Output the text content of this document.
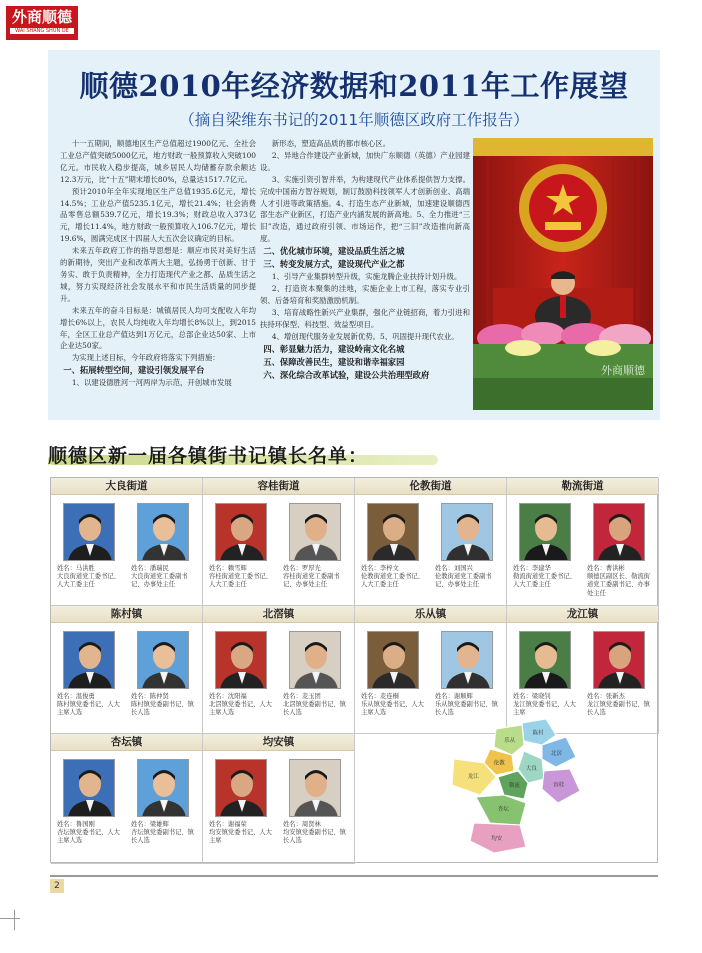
外商顺德
WAI SHANG SHUN DE
顺德2010年经济数据和2011年工作展望
（摘自梁维东书记的2011年顺德区政府工作报告）

十一五期间，顺德地区生产总值超过1900亿元、全社会工业总产值突破5000亿元，地方财政一般预算收入突破100亿元。市民收入稳步提高，城乡居民人均储蓄存款余额达12.3万元，比“十五”期末增长80%，总量达1517.7亿元。

预计2010年全年实现地区生产总值1935.6亿元，增长14.5%；工业总产值5235.1亿元，增长21.4%；社会消费品零售总额539.7亿元，增长19.3%；财政总收入373亿元，增长11.4%，地方财政一般预算收入106.7亿元，增长19.6%，圆满完成区十四届人大五次会议确定的目标。

未来五年政府工作的指导思想是：顺应市民对美好生活的新期待，突出产业和改革两大主题，弘扬勇于创新、甘于务实、敢于负责精神，全力打造现代产业之都、品质生活之城，努力实现经济社会发展水平和市民生活质量的同步提升。

未来五年的奋斗目标是：城镇居民人均可支配收入年均增长6%以上，农民人均纯收入年均增长8%以上，到2015年，全区工业总产值达到1万亿元，总部企业达50家、上市企业达50家。

为实现上述目标，今年政府将落实下列措施：

一、拓展转型空间，建设引领发展平台

1、以建设德胜河一河两岸为示范，开创城市发展

新形态，塑造高品质的都市核心区。

2、异地合作建设产业新城，加快广东顺德（英德）产业园建设。

3、实施引资引智并举，为构建现代产业体系提供智力支撑。完成中国南方智谷规划，制订鼓励科技领军人才创新创业、高端人才引进等政策措施。4、打造生态产业新城，加速建设顺德西部生态产业新区，打造产业内涵发展的新高地。5、全力推进“三旧”改造，通过政府引领、市场运作，把“三旧”改造推向新高度。

二、优化城市环境，建设品质生活之城

三、转变发展方式，建设现代产业之都

1、引导产业集群转型升级，实施龙腾企业扶持计划升级。

2、打造资本聚集的洼地，实施企业上市工程，落实专业引领、后备培育和奖励激励机制。

3、培育战略性新兴产业集群，强化产业链招商，着力引进和扶持环保型、科技型、效益型项目。

4、增创现代服务业发展新优势。5、巩固提升现代农业。

四、彰显魅力活力，建设岭南文化名城

五、保障改善民生，建设和谐幸福家园

六、深化综合改革试验，建设公共治理型政府	外商顺德
顺德区新一届各镇街书记镇长名单：
均安镇
姓名：谢福荣
均安镇党委书记、人大主席
姓名：周贤林
均安镇党委副书记、镇长人选
杏坛镇
姓名：鲁国刚
杏坛镇党委书记、人大主席人选
姓名：梁雄辉
杏坛镇党委副书记、镇长人选
龙江镇
姓名：梁晓钊
龙江镇党委书记、人大主席
姓名：张新杰
龙江镇党委副书记、镇长人选
乐从镇
姓名：麦连桐
乐从镇党委书记、人大主席人选
姓名：谢顺辉
乐从镇党委副书记、镇长人选
北滘镇
姓名：沈阳福
北滘镇党委书记、人大主席人选
姓名：麦玉团
北滘镇党委副书记、镇长人选
陈村镇
姓名：温俊勇
陈村镇党委书记、人大主席人选
姓名：陈仲贤
陈村镇党委副书记、镇长人选
勒流街道
姓名：李建华
勒流街道党工委书记、人大工委主任
姓名：曹洪彬
顺德区副区长、勒流街道党工委副书记、办事处主任
伦教街道
姓名：李梓文
伦教街道党工委书记、人大工委主任
姓名：刘国兴
伦教街道党工委副书记、办事处主任
容桂街道
姓名：赖雪辉
容桂街道党工委书记、人大工委主任
姓名：罗厚光
容桂街道党工委副书记、办事处主任
大良街道
姓名：马洪胜
大良街道党工委书记、人大工委主任
姓名：潘瑞民
大良街道党工委副书记、办事处主任
陈村
乐从
北滘
伦教
大良
龙江
勒流	容桂
杏坛
均安
2
